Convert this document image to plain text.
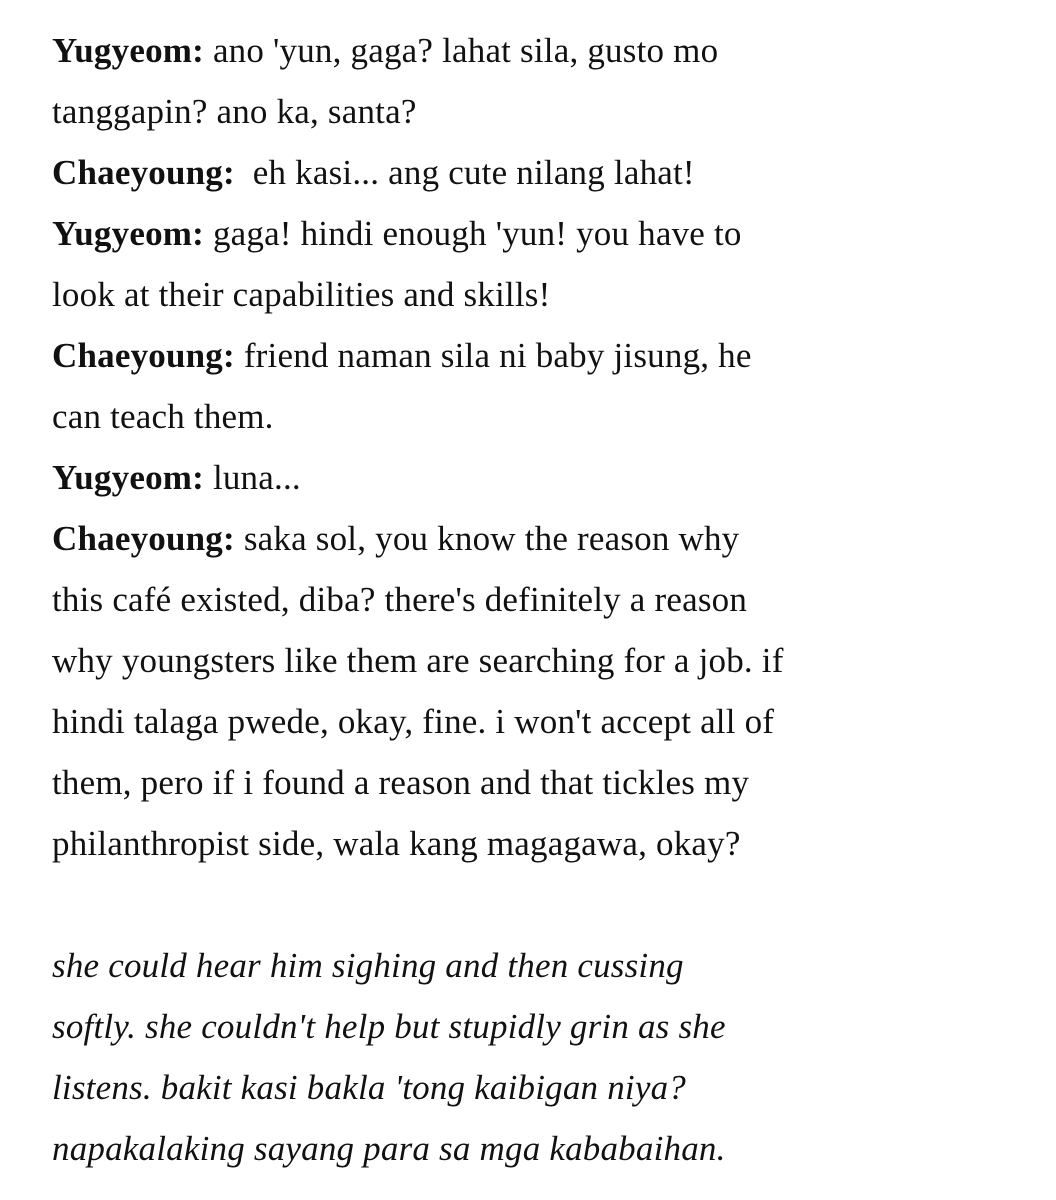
Yugyeom: ano 'yun, gaga? lahat sila, gusto mo

tanggapin? ano ka, santa?

Chaeyoung: eh kasi... ang cute nilang lahat!

Yugyeom: gaga! hindi enough 'yun! you have to

look at their capabilities and skills!

Chaeyoung: friend naman sila ni baby jisung, he

can teach them.

Yugyeom: luna...

Chaeyoung: saka sol, you know the reason why

this café existed, diba? there's definitely a reason

why youngsters like them are searching for a job. if

hindi talaga pwede, okay, fine. i won't accept all of

them, pero if i found a reason and that tickles my

philanthropist side, wala kang magagawa, okay?

she could hear him sighing and then cussing

softly. she couldn't help but stupidly grin as she

listens. bakit kasi bakla 'tong kaibigan niya?

napakalaking sayang para sa mga kababaihan.
